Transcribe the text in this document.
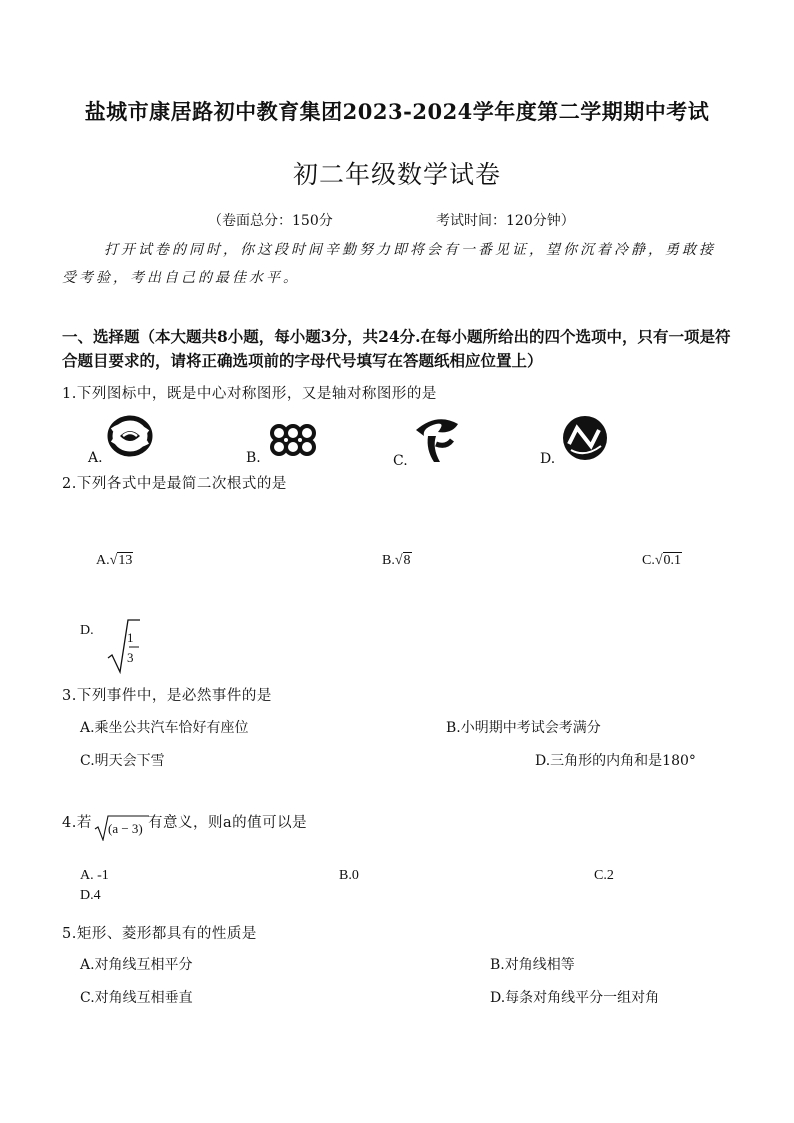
盐城市康居路初中教育集团2023-2024学年度第二学期期中考试
初二年级数学试卷
（卷面总分：150分	考试时间：120分钟）
打开试卷的同时，你这段时间辛勤努力即将会有一番见证，望你沉着冷静，勇敢接受考验，考出自己的最佳水平。
一、选择题（本大题共8小题，每小题3分，共24分.在每小题所给出的四个选项中，只有一项是符合题目要求的，请将正确选项前的字母代号填写在答题纸相应位置上）
1.下列图标中，既是中心对称图形，又是轴对称图形的是
A.	B.	C.	D.
2.下列各式中是最简二次根式的是
A.√13	B.√8	C.√0.1
D.	1
3
3.下列事件中，是必然事件的是
A.乘坐公共汽车恰好有座位	B.小明期中考试会考满分
C.明天会下雪	D.三角形的内角和是180°
4.若 (a − 3) 有意义，则a的值可以是
A. -1	B.0	C.2
D.4
5.矩形、菱形都具有的性质是
A.对角线互相平分	B.对角线相等
C.对角线互相垂直	D.每条对角线平分一组对角
